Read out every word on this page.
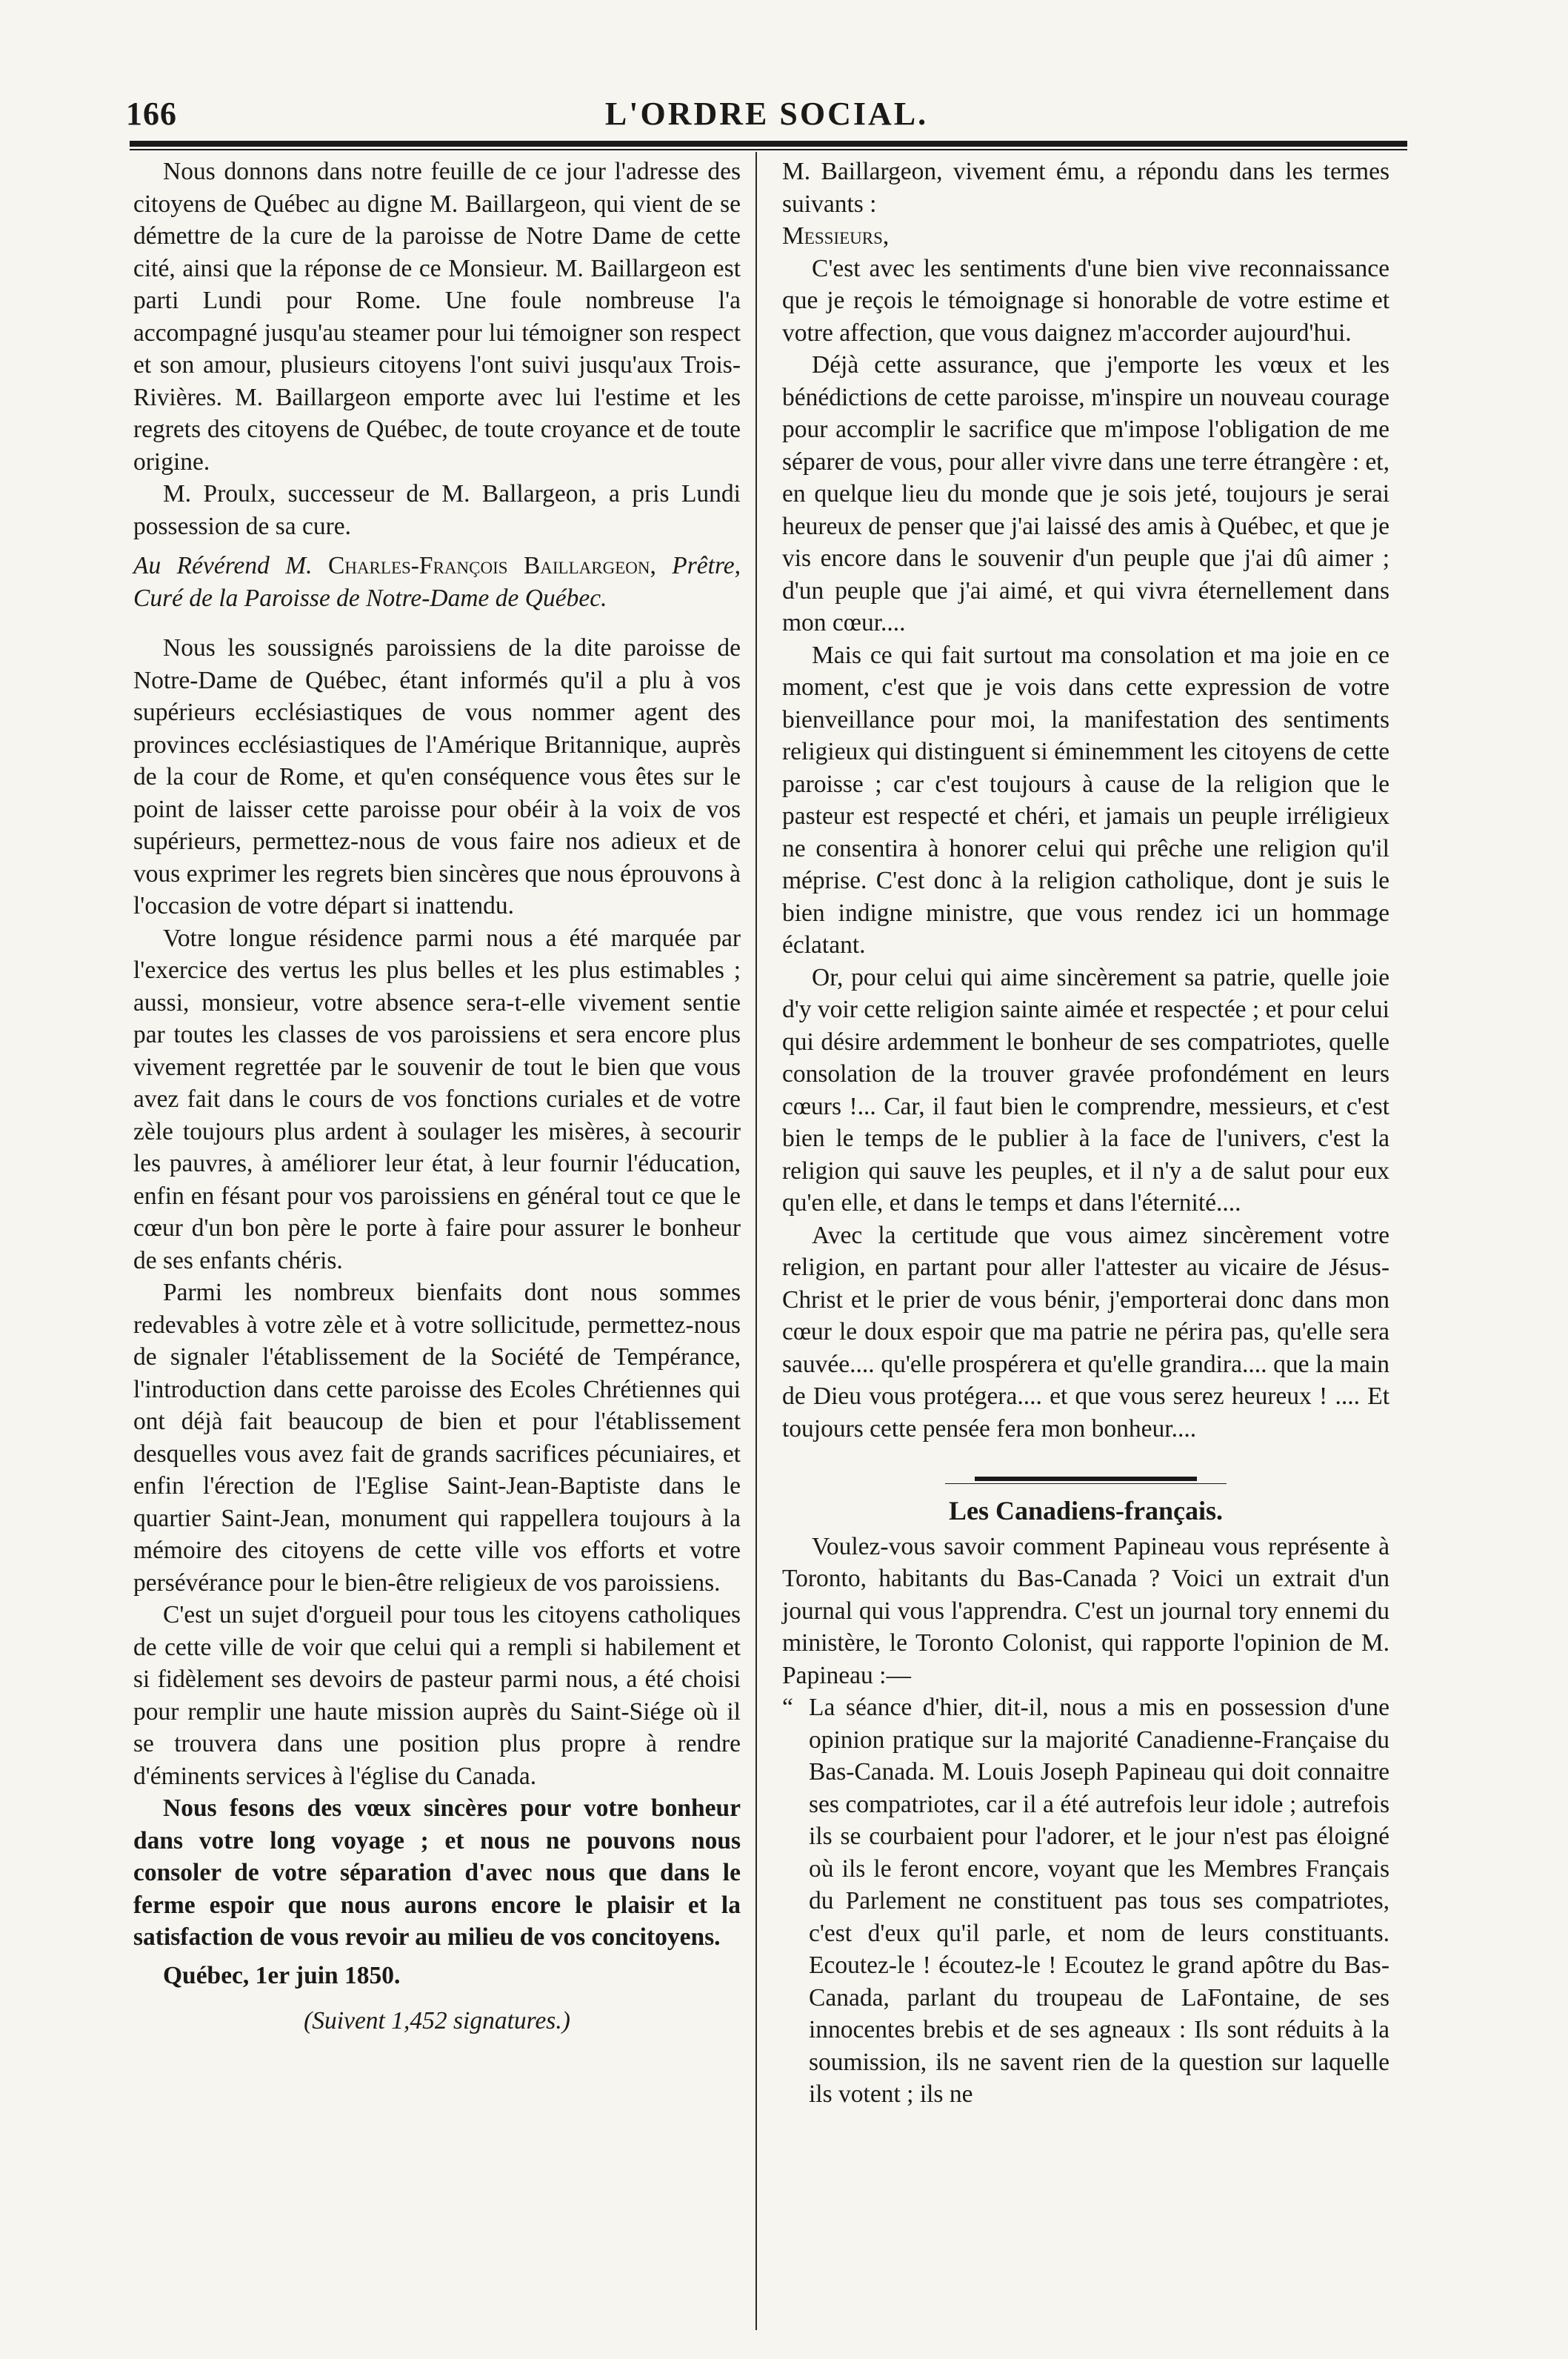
166	L'ORDRE SOCIAL.

Nous donnons dans notre feuille de ce jour l'adresse des citoyens de Québec au digne M. Baillargeon, qui vient de se démettre de la cure de la paroisse de Notre Dame de cette cité, ainsi que la réponse de ce Monsieur. M. Baillargeon est parti Lundi pour Rome. Une foule nombreuse l'a accompagné jusqu'au steamer pour lui témoigner son respect et son amour, plusieurs citoyens l'ont suivi jusqu'aux Trois-Rivières. M. Baillargeon emporte avec lui l'estime et les regrets des citoyens de Québec, de toute croyance et de toute origine.

M. Proulx, successeur de M. Ballargeon, a pris Lundi possession de sa cure.

Au Révérend M. Charles-François Baillargeon, Prêtre, Curé de la Paroisse de Notre-Dame de Québec.

Nous les soussignés paroissiens de la dite paroisse de Notre-Dame de Québec, étant informés qu'il a plu à vos supérieurs ecclésiastiques de vous nommer agent des provinces ecclésiastiques de l'Amérique Britannique, auprès de la cour de Rome, et qu'en conséquence vous êtes sur le point de laisser cette paroisse pour obéir à la voix de vos supérieurs, permettez-nous de vous faire nos adieux et de vous exprimer les regrets bien sincères que nous éprouvons à l'occasion de votre départ si inattendu.

Votre longue résidence parmi nous a été marquée par l'exercice des vertus les plus belles et les plus estimables ; aussi, monsieur, votre absence sera-t-elle vivement sentie par toutes les classes de vos paroissiens et sera encore plus vivement regrettée par le souvenir de tout le bien que vous avez fait dans le cours de vos fonctions curiales et de votre zèle toujours plus ardent à soulager les misères, à secourir les pauvres, à améliorer leur état, à leur fournir l'éducation, enfin en fésant pour vos paroissiens en général tout ce que le cœur d'un bon père le porte à faire pour assurer le bonheur de ses enfants chéris.

Parmi les nombreux bienfaits dont nous sommes redevables à votre zèle et à votre sollicitude, permettez-nous de signaler l'établissement de la Société de Tempérance, l'introduction dans cette paroisse des Ecoles Chrétiennes qui ont déjà fait beaucoup de bien et pour l'établissement desquelles vous avez fait de grands sacrifices pécuniaires, et enfin l'érection de l'Eglise Saint-Jean-Baptiste dans le quartier Saint-Jean, monument qui rappellera toujours à la mémoire des citoyens de cette ville vos efforts et votre persévérance pour le bien-être religieux de vos paroissiens.

C'est un sujet d'orgueil pour tous les citoyens catholiques de cette ville de voir que celui qui a rempli si habilement et si fidèlement ses devoirs de pasteur parmi nous, a été choisi pour remplir une haute mission auprès du Saint-Siége où il se trouvera dans une position plus propre à rendre d'éminents services à l'église du Canada.

Nous fesons des vœux sincères pour votre bonheur dans votre long voyage ; et nous ne pouvons nous consoler de votre séparation d'avec nous que dans le ferme espoir que nous aurons encore le plaisir et la satisfaction de vous revoir au milieu de vos concitoyens.

Québec, 1er juin 1850.

(Suivent 1,452 signatures.)

M. Baillargeon, vivement ému, a répondu dans les termes suivants :

Messieurs,

C'est avec les sentiments d'une bien vive reconnaissance que je reçois le témoignage si honorable de votre estime et votre affection, que vous daignez m'accorder aujourd'hui.

Déjà cette assurance, que j'emporte les vœux et les bénédictions de cette paroisse, m'inspire un nouveau courage pour accomplir le sacrifice que m'impose l'obligation de me séparer de vous, pour aller vivre dans une terre étrangère : et, en quelque lieu du monde que je sois jeté, toujours je serai heureux de penser que j'ai laissé des amis à Québec, et que je vis encore dans le souvenir d'un peuple que j'ai dû aimer ; d'un peuple que j'ai aimé, et qui vivra éternellement dans mon cœur....

Mais ce qui fait surtout ma consolation et ma joie en ce moment, c'est que je vois dans cette expression de votre bienveillance pour moi, la manifestation des sentiments religieux qui distinguent si éminemment les citoyens de cette paroisse ; car c'est toujours à cause de la religion que le pasteur est respecté et chéri, et jamais un peuple irréligieux ne consentira à honorer celui qui prêche une religion qu'il méprise. C'est donc à la religion catholique, dont je suis le bien indigne ministre, que vous rendez ici un hommage éclatant.

Or, pour celui qui aime sincèrement sa patrie, quelle joie d'y voir cette religion sainte aimée et respectée ; et pour celui qui désire ardemment le bonheur de ses compatriotes, quelle consolation de la trouver gravée profondément en leurs cœurs !... Car, il faut bien le comprendre, messieurs, et c'est bien le temps de le publier à la face de l'univers, c'est la religion qui sauve les peuples, et il n'y a de salut pour eux qu'en elle, et dans le temps et dans l'éternité....

Avec la certitude que vous aimez sincèrement votre religion, en partant pour aller l'attester au vicaire de Jésus-Christ et le prier de vous bénir, j'emporterai donc dans mon cœur le doux espoir que ma patrie ne périra pas, qu'elle sera sauvée.... qu'elle prospérera et qu'elle grandira.... que la main de Dieu vous protégera.... et que vous serez heureux ! .... Et toujours cette pensée fera mon bonheur....

Les Canadiens-français.

Voulez-vous savoir comment Papineau vous représente à Toronto, habitants du Bas-Canada ? Voici un extrait d'un journal qui vous l'apprendra. C'est un journal tory ennemi du ministère, le Toronto Colonist, qui rapporte l'opinion de M. Papineau :—

“ La séance d'hier, dit-il, nous a mis en possession d'une opinion pratique sur la majorité Canadienne-Française du Bas-Canada. M. Louis Joseph Papineau qui doit connaitre ses compatriotes, car il a été autrefois leur idole ; autrefois ils se courbaient pour l'adorer, et le jour n'est pas éloigné où ils le feront encore, voyant que les Membres Français du Parlement ne constituent pas tous ses compatriotes, c'est d'eux qu'il parle, et nom de leurs constituants. Ecoutez-le ! écoutez-le ! Ecoutez le grand apôtre du Bas-Canada, parlant du troupeau de LaFontaine, de ses innocentes brebis et de ses agneaux : Ils sont réduits à la soumission, ils ne savent rien de la question sur laquelle ils votent ; ils ne
